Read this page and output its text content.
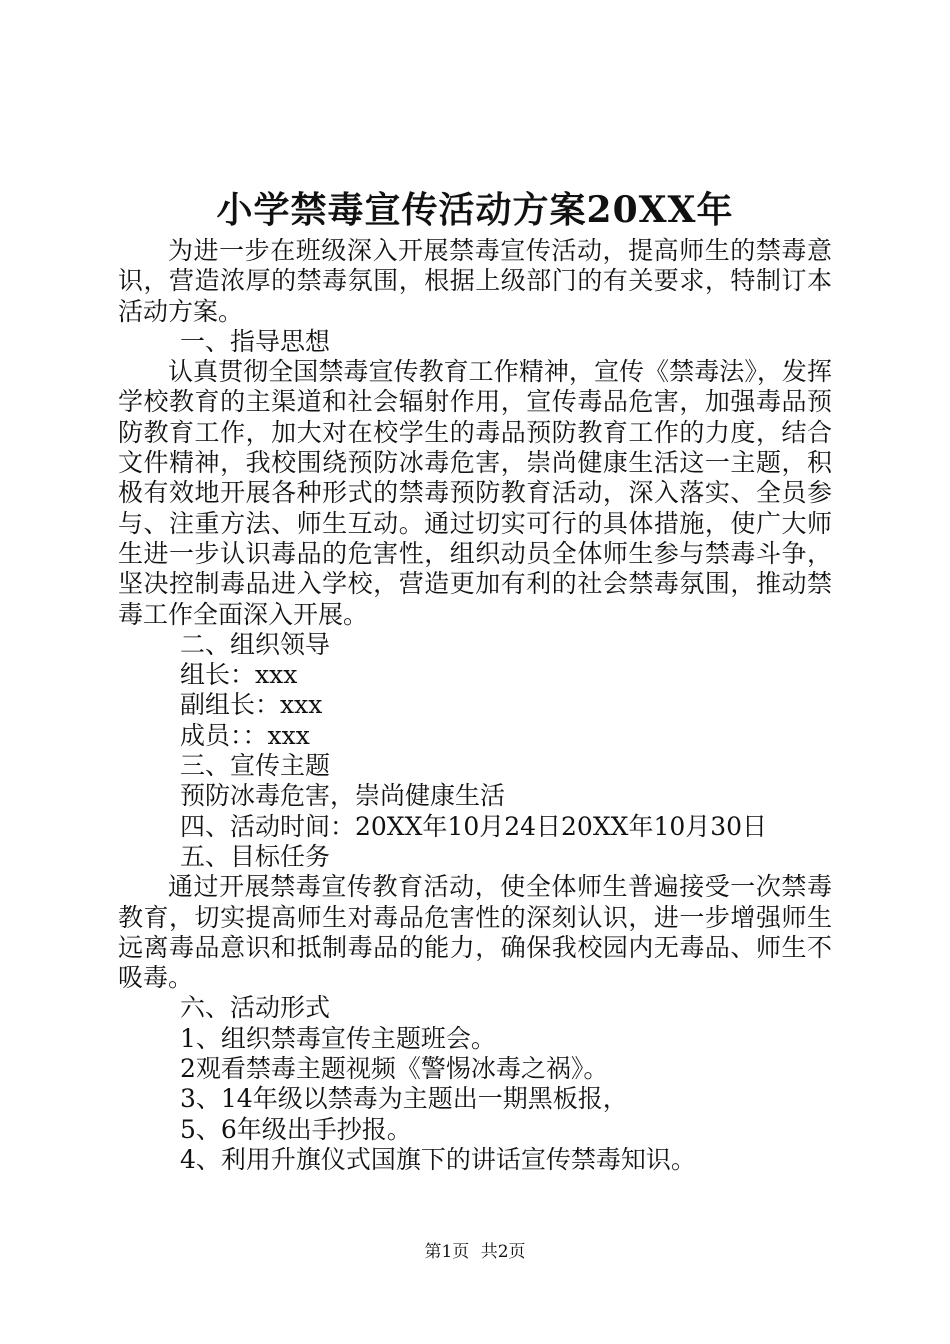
小学禁毒宣传活动方案20XX年

为进一步在班级深入开展禁毒宣传活动，提高师生的禁毒意识，营造浓厚的禁毒氛围，根据上级部门的有关要求，特制订本活动方案。

一、指导思想

认真贯彻全国禁毒宣传教育工作精神，宣传《禁毒法》，发挥学校教育的主渠道和社会辐射作用，宣传毒品危害，加强毒品预防教育工作，加大对在校学生的毒品预防教育工作的力度，结合文件精神，我校围绕预防冰毒危害，崇尚健康生活这一主题，积极有效地开展各种形式的禁毒预防教育活动，深入落实、全员参与、注重方法、师生互动。通过切实可行的具体措施，使广大师生进一步认识毒品的危害性，组织动员全体师生参与禁毒斗争，坚决控制毒品进入学校，营造更加有利的社会禁毒氛围，推动禁毒工作全面深入开展。

二、组织领导

组长：xxx

副组长：xxx

成员：：xxx

三、宣传主题

预防冰毒危害，崇尚健康生活

四、活动时间：20XX年10月24日20XX年10月30日

五、目标任务

通过开展禁毒宣传教育活动，使全体师生普遍接受一次禁毒教育，切实提高师生对毒品危害性的深刻认识，进一步增强师生远离毒品意识和抵制毒品的能力，确保我校园内无毒品、师生不吸毒。

六、活动形式

1、组织禁毒宣传主题班会。

2观看禁毒主题视频《警惕冰毒之祸》。

3、14年级以禁毒为主题出一期黑板报，

5、6年级出手抄报。

4、利用升旗仪式国旗下的讲话宣传禁毒知识。

第1页 共2页
